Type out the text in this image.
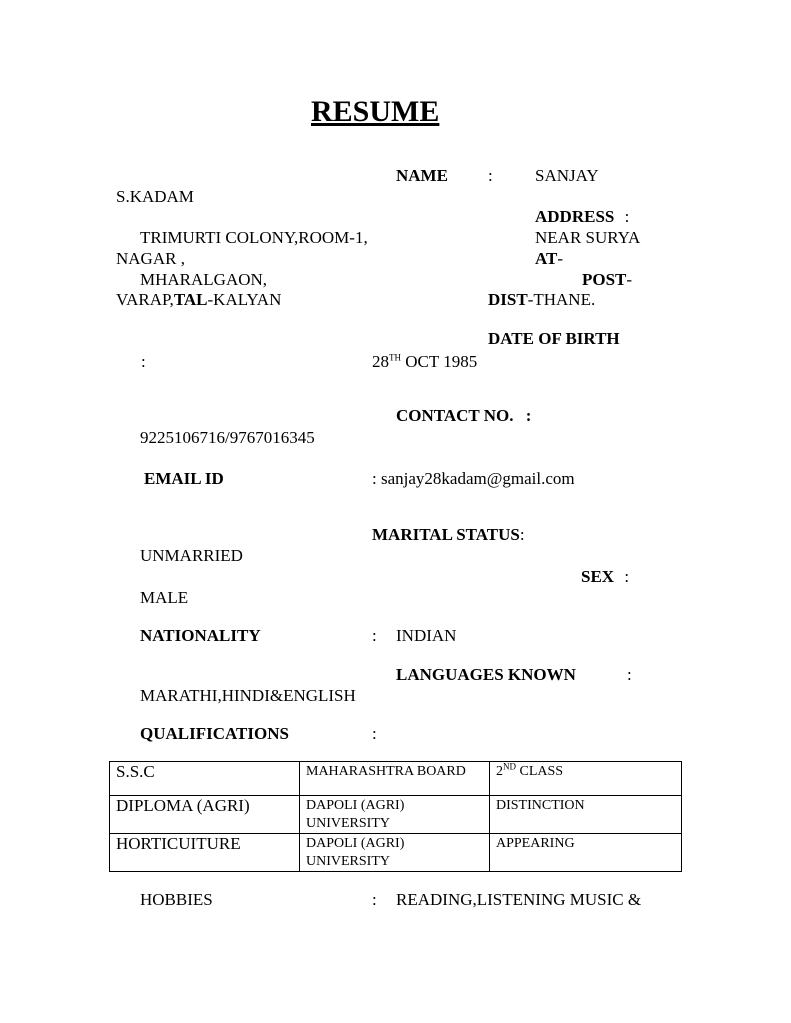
RESUME
NAME : SANJAY
S.KADAM
ADDRESS :
TRIMURTI COLONY,ROOM-1,	NEAR SURYA
NAGAR ,	AT-
MHARALGAON,	POST-
VARAP,TAL-KALYAN	DIST-THANE.
DATE OF BIRTH
:	28TH OCT 1985
CONTACT NO. :
9225106716/9767016345
EMAIL ID	: sanjay28kadam@gmail.com
MARITAL STATUS:
UNMARRIED
SEX :
MALE
NATIONALITY	: INDIAN
LANGUAGES KNOWN	:
MARATHI,HINDI&ENGLISH
QUALIFICATIONS	:
S.S.C	MAHARASHTRA BOARD	2ND CLASS
DIPLOMA (AGRI)	DAPOLI (AGRI) UNIVERSITY	DISTINCTION
HORTICUITURE	DAPOLI (AGRI) UNIVERSITY	APPEARING
HOBBIES	: READING,LISTENING MUSIC &
